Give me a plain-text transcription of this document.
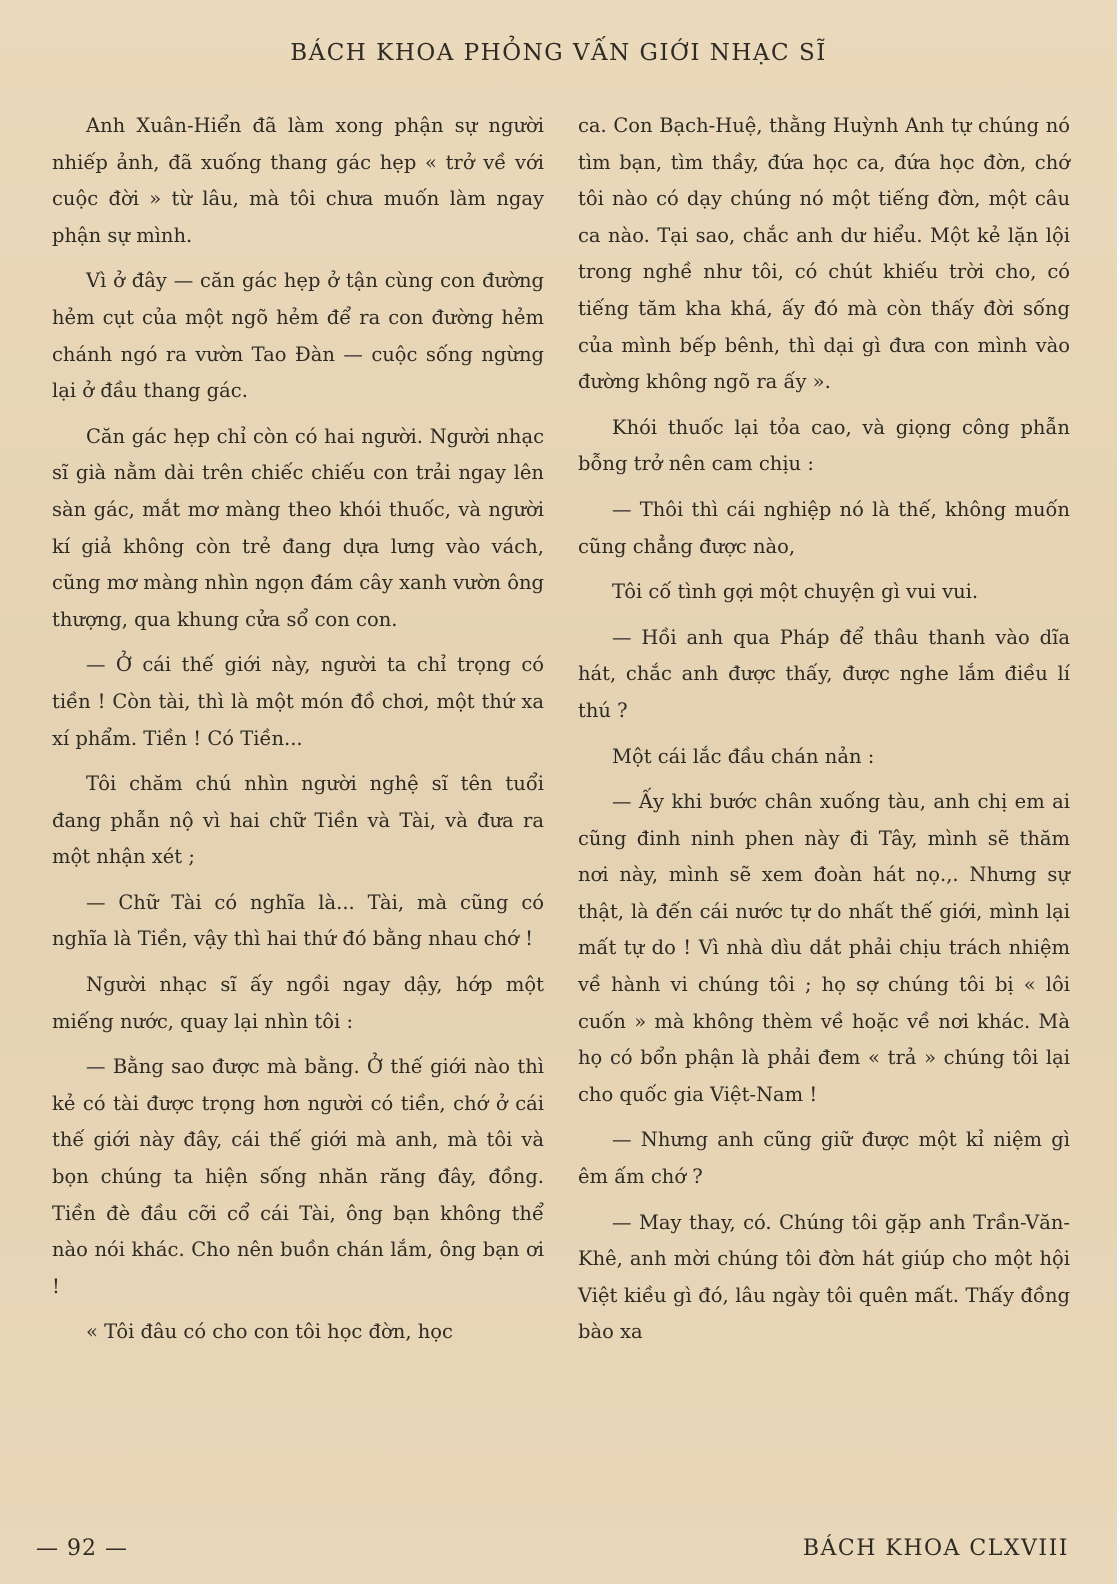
BÁCH KHOA PHỎNG VẤN GIỚI NHẠC SĨ

Anh Xuân-Hiển đã làm xong phận sự người nhiếp ảnh, đã xuống thang gác hẹp « trở về với cuộc đời » từ lâu, mà tôi chưa muốn làm ngay phận sự mình.

Vì ở đây — căn gác hẹp ở tận cùng con đường hẻm cụt của một ngõ hẻm để ra con đường hẻm chánh ngó ra vườn Tao Đàn — cuộc sống ngừng lại ở đầu thang gác.

Căn gác hẹp chỉ còn có hai người. Người nhạc sĩ già nằm dài trên chiếc chiếu con trải ngay lên sàn gác, mắt mơ màng theo khói thuốc, và người kí giả không còn trẻ đang dựa lưng vào vách, cũng mơ màng nhìn ngọn đám cây xanh vườn ông thượng, qua khung cửa sổ con con.

— Ở cái thế giới này, người ta chỉ trọng có tiền ! Còn tài, thì là một món đồ chơi, một thứ xa xí phẩm. Tiền ! Có Tiền...

Tôi chăm chú nhìn người nghệ sĩ tên tuổi đang phẫn nộ vì hai chữ Tiền và Tài, và đưa ra một nhận xét ;

— Chữ Tài có nghĩa là... Tài, mà cũng có nghĩa là Tiền, vậy thì hai thứ đó bằng nhau chớ !

Người nhạc sĩ ấy ngồi ngay dậy, hớp một miếng nước, quay lại nhìn tôi :

— Bằng sao được mà bằng. Ở thế giới nào thì kẻ có tài được trọng hơn người có tiền, chớ ở cái thế giới này đây, cái thế giới mà anh, mà tôi và bọn chúng ta hiện sống nhăn răng đây, đồng. Tiền đè đầu cỡi cổ cái Tài, ông bạn không thể nào nói khác. Cho nên buồn chán lắm, ông bạn ơi !

« Tôi đâu có cho con tôi học đờn, học

ca. Con Bạch-Huệ, thằng Huỳnh Anh tự chúng nó tìm bạn, tìm thầy, đứa học ca, đứa học đờn, chớ tôi nào có dạy chúng nó một tiếng đờn, một câu ca nào. Tại sao, chắc anh dư hiểu. Một kẻ lặn lội trong nghề như tôi, có chút khiếu trời cho, có tiếng tăm kha khá, ấy đó mà còn thấy đời sống của mình bếp bênh, thì dại gì đưa con mình vào đường không ngõ ra ấy ».

Khói thuốc lại tỏa cao, và giọng công phẫn bỗng trở nên cam chịu :

— Thôi thì cái nghiệp nó là thế, không muốn cũng chẳng được nào,

Tôi cố tình gợi một chuyện gì vui vui.

— Hồi anh qua Pháp để thâu thanh vào dĩa hát, chắc anh được thấy, được nghe lắm điều lí thú ?

Một cái lắc đầu chán nản :

— Ấy khi bước chân xuống tàu, anh chị em ai cũng đinh ninh phen này đi Tây, mình sẽ thăm nơi này, mình sẽ xem đoàn hát nọ.,. Nhưng sự thật, là đến cái nước tự do nhất thế giới, mình lại mất tự do ! Vì nhà dìu dắt phải chịu trách nhiệm về hành vi chúng tôi ; họ sợ chúng tôi bị « lôi cuốn » mà không thèm về hoặc về nơi khác. Mà họ có bổn phận là phải đem « trả » chúng tôi lại cho quốc gia Việt-Nam !

— Nhưng anh cũng giữ được một kỉ niệm gì êm ấm chớ ?

— May thay, có. Chúng tôi gặp anh Trần-Văn-Khê, anh mời chúng tôi đờn hát giúp cho một hội Việt kiều gì đó, lâu ngày tôi quên mất. Thấy đồng bào xa

— 92 —	BÁCH KHOA CLXVIII
